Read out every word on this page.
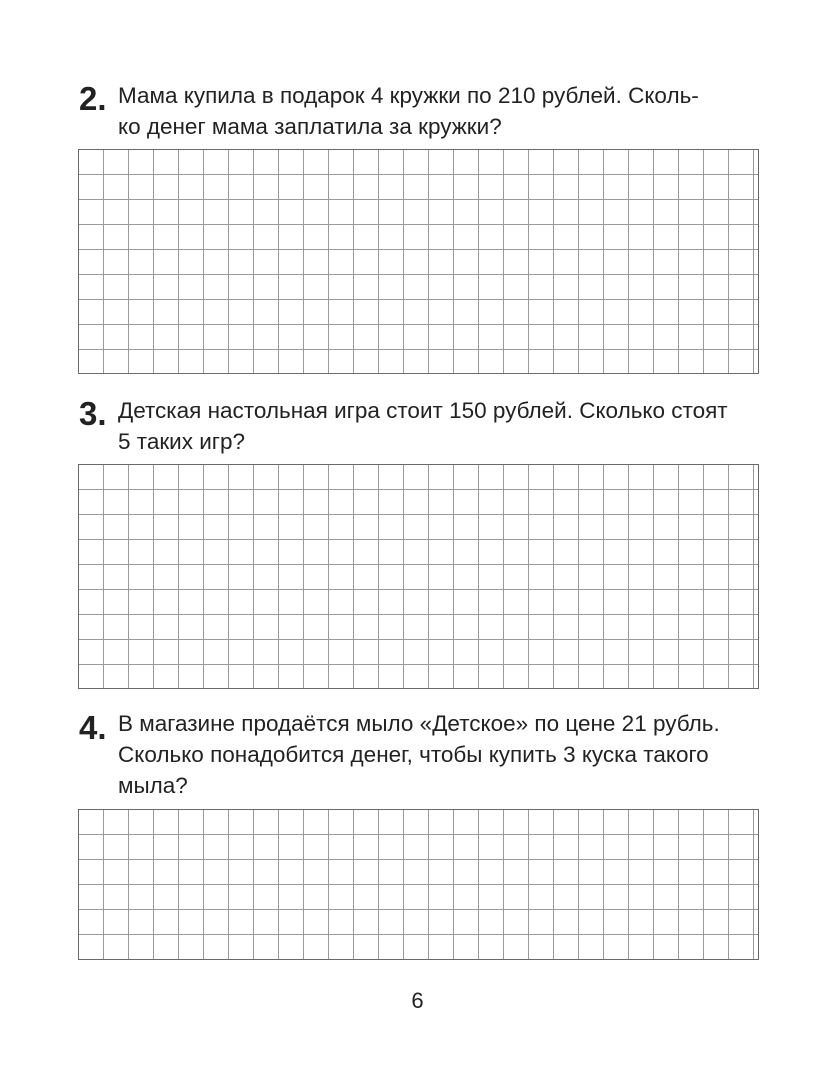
2. Мама купила в подарок 4 кружки по 210 рублей. Сколь-
ко денег мама заплатила за кружки?

3. Детская настольная игра стоит 150 рублей. Сколько стоят
5 таких игр?

4. В магазине продаётся мыло «Детское» по цене 21 рубль.
Сколько понадобится денег, чтобы купить 3 куска такого
мыла?

6
